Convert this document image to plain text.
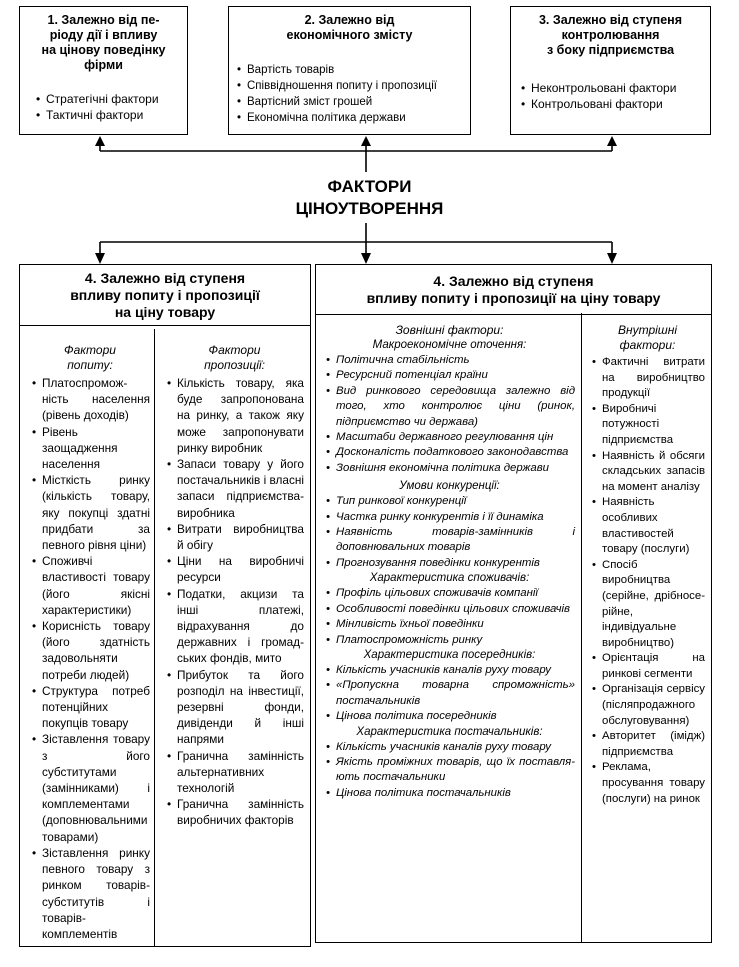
1. Залежно від пе-
ріоду дії і впливу
на цінову поведінку
фірми
• Стратегічні фактори
• Тактичні фактори
2. Залежно від
економічного змісту
• Вартість товарів
• Співвідношення попиту і пропозиції
• Вартісний зміст грошей
• Економічна політика держави
3. Залежно від ступеня
контролювання
з боку підприємства
• Неконтрольовані фактори
• Контрольовані фактори
ФАКТОРИ
ЦІНОУТВОРЕННЯ
4. Залежно від ступеня
впливу попиту і пропозиції
на ціну товару
Фактори
попиту:
• Платоспромож-ність населення (рівень доходів)
• Рівень заощадження населення
• Місткість ринку (кількість товару, яку покупці здатні придбати за певного рівня ціни)
• Споживчі властивості товару (його якісні характеристики)
• Корисність товару (його здатність задовольняти потреби людей)
• Структура потреб потенційних покупців товару
• Зіставлення товару з його субститутами (замінниками) і комплементами (доповнювальними товарами)
• Зіставлення ринку певного товару з ринком товарів-субститутів і товарів-комплементів
Фактори
пропозиції:
• Кількість товару, яка буде запропонована на ринку, а також яку може запропонувати ринку виробник
• Запаси товару у його постачальників і власні запаси підприємства-виробника
• Витрати виробництва й обігу
• Ціни на виробничі ресурси
• Податки, акцизи та інші платежі, відрахування до державних і громад-ських фондів, мито
• Прибуток та його розподіл на інвестиції, резервні фонди, дивіденди й інші напрями
• Гранична замінність альтернативних технологій
• Гранична замінність виробничих факторів
4. Залежно від ступеня
впливу попиту і пропозиції на ціну товару
Зовнішні фактори:
Макроекономічне оточення:
• Політична стабільність
• Ресурсний потенціал країни
• Вид ринкового середовища залежно від того, хто контролює ціни (ринок, підприємство чи держава)
• Масштаби державного регулювання цін
• Досконалість податкового законодавства
• Зовнішня економічна політика держави
Умови конкуренції:
• Тип ринкової конкуренції
• Частка ринку конкурентів і її динаміка
• Наявність товарів-замінників і доповнювальних товарів
• Прогнозування поведінки конкурентів
Характеристика споживачів:
• Профіль цільових споживачів компанії
• Особливості поведінки цільових споживачів
• Мінливість їхньої поведінки
• Платоспроможність ринку
Характеристика посередників:
• Кількість учасників каналів руху товару
• «Пропускна товарна спроможність» постачальників
• Цінова політика посередників
Характеристика постачальників:
• Кількість учасників каналів руху товару
• Якість проміжних товарів, що їх поставля-ють постачальники
• Цінова політика постачальників
Внутрішні
фактори:
• Фактичні витрати на виробництво продукції
• Виробничі потужності підприємства
• Наявність й обсяги складських запасів на момент аналізу
• Наявність особливих властивостей товару (послуги)
• Спосіб виробництва (серійне, дрібносе-рійне, індивідуальне виробництво)
• Орієнтація на ринкові сегменти
• Організація сервісу (післяпродажного обслуговування)
• Авторитет (імідж) підприємства
• Реклама, просування товару (послуги) на ринок
